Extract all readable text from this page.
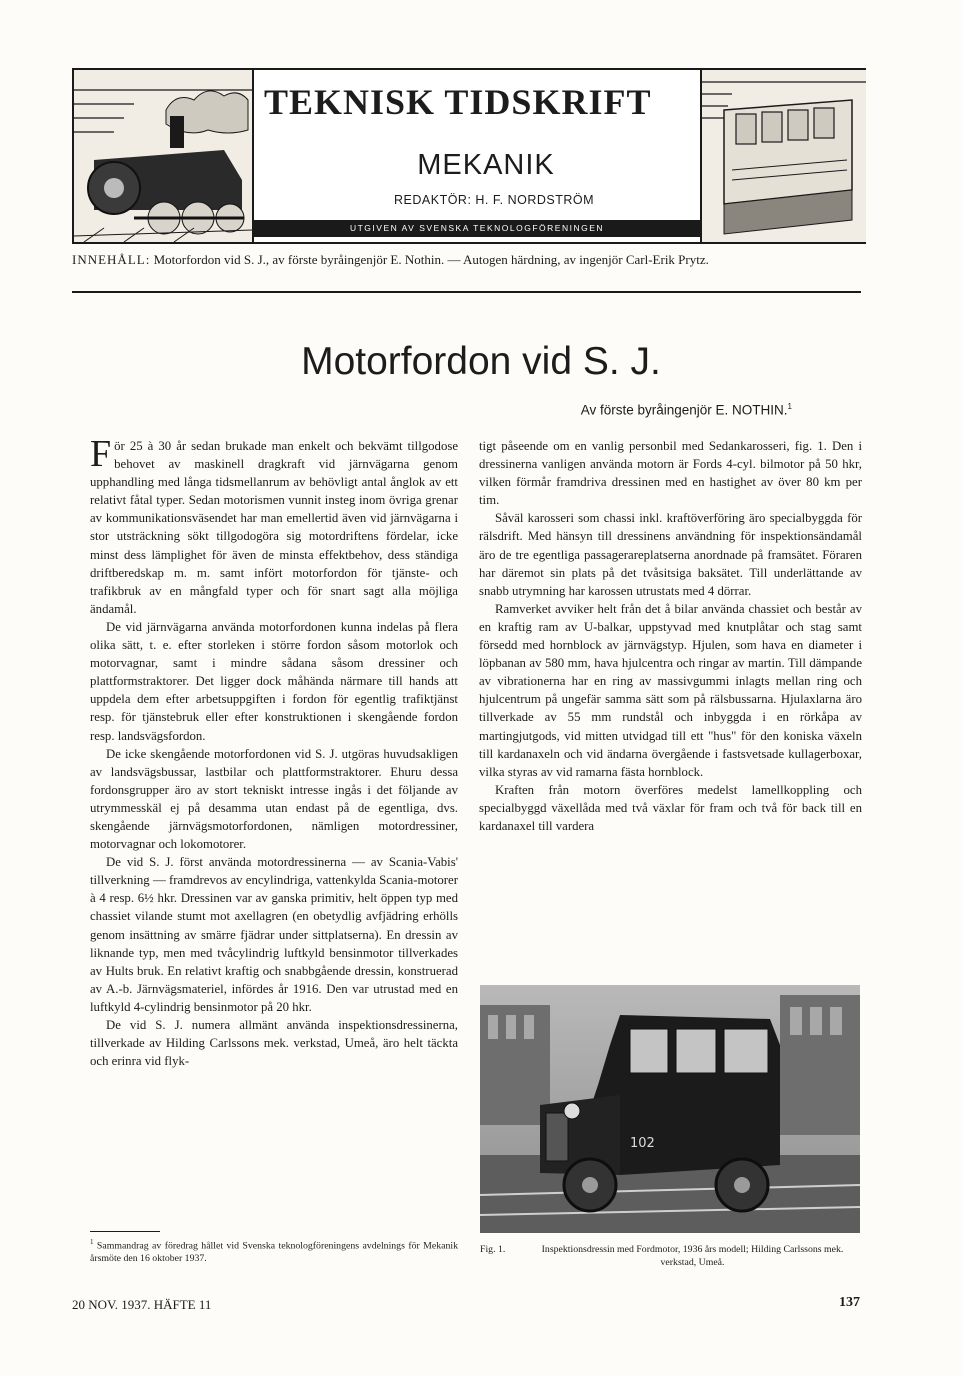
TEKNISK TIDSKRIFT
MEKANIK
REDAKTÖR: H. F. NORDSTRÖM
UTGIVEN AV SVENSKA TEKNOLOGFÖRENINGEN
INNEHÅLL: Motorfordon vid S. J., av förste byråingenjör E. Nothin. — Autogen härdning, av ingenjör Carl-Erik Prytz.
Motorfordon vid S. J.
Av förste byråingenjör E. NOTHIN.$^1$

För 25 à 30 år sedan brukade man enkelt och bekvämt tillgodose behovet av maskinell dragkraft vid järnvägarna genom upphandling med långa tidsmellanrum av behövligt antal ånglok av ett relativt fåtal typer. Sedan motorismen vunnit insteg inom övriga grenar av kommunikationsväsendet har man emellertid även vid järnvägarna i stor utsträckning sökt tillgodogöra sig motordriftens fördelar, icke minst dess lämplighet för även de minsta effektbehov, dess ständiga driftberedskap m. m. samt infört motorfordon för tjänste- och trafikbruk av en mångfald typer och för snart sagt alla möjliga ändamål.

De vid järnvägarna använda motorfordonen kunna indelas på flera olika sätt, t. e. efter storleken i större fordon såsom motorlok och motorvagnar, samt i mindre sådana såsom dressiner och plattformstraktorer. Det ligger dock måhända närmare till hands att uppdela dem efter arbetsuppgiften i fordon för egentlig trafiktjänst resp. för tjänstebruk eller efter konstruktionen i skengående fordon resp. landsvägsfordon.

De icke skengående motorfordonen vid S. J. utgöras huvudsakligen av landsvägsbussar, lastbilar och plattformstraktorer. Ehuru dessa fordonsgrupper äro av stort tekniskt intresse ingås i det följande av utrymmesskäl ej på desamma utan endast på de egentliga, dvs. skengående järnvägsmotorfordonen, nämligen motordressiner, motorvagnar och lokomotorer.

De vid S. J. först använda motordressinerna — av Scania-Vabis' tillverkning — framdrevos av encylindriga, vattenkylda Scania-motorer à 4 resp. 6½ hkr. Dressinen var av ganska primitiv, helt öppen typ med chassiet vilande stumt mot axellagren (en obetydlig avfjädring erhölls genom insättning av smärre fjädrar under sittplatserna). En dressin av liknande typ, men med tvåcylindrig luftkyld bensinmotor tillverkades av Hults bruk. En relativt kraftig och snabbgående dressin, konstruerad av A.-b. Järnvägsmateriel, infördes år 1916. Den var utrustad med en luftkyld 4-cylindrig bensinmotor på 20 hkr.

De vid S. J. numera allmänt använda inspektionsdressinerna, tillverkade av Hilding Carlssons mek. verkstad, Umeå, äro helt täckta och erinra vid flyk-

$^1$ Sammandrag av föredrag hållet vid Svenska teknologföreningens avdelnings för Mekanik årsmöte den 16 oktober 1937.

tigt påseende om en vanlig personbil med Sedankarosseri, fig. 1. Den i dressinerna vanligen använda motorn är Fords 4-cyl. bilmotor på 50 hkr, vilken förmår framdriva dressinen med en hastighet av över 80 km per tim.

Såväl karosseri som chassi inkl. kraftöverföring äro specialbyggda för rälsdrift. Med hänsyn till dressinens användning för inspektionsändamål äro de tre egentliga passagerareplatserna anordnade på framsätet. Föraren har däremot sin plats på det tvåsitsiga baksätet. Till underlättande av snabb utrymning har karossen utrustats med 4 dörrar.

Ramverket avviker helt från det å bilar använda chassiet och består av en kraftig ram av U-balkar, uppstyvad med knutplåtar och stag samt försedd med hornblock av järnvägstyp. Hjulen, som hava en diameter i löpbanan av 580 mm, hava hjulcentra och ringar av martin. Till dämpande av vibrationerna har en ring av massivgummi inlagts mellan ring och hjulcentrum på ungefär samma sätt som på rälsbussarna. Hjulaxlarna äro tillverkade av 55 mm rundstål och inbyggda i en rörkåpa av martingjutgods, vid mitten utvidgad till ett "hus" för den koniska växeln till kardanaxeln och vid ändarna övergående i fastsvetsade kullagerboxar, vilka styras av vid ramarna fästa hornblock.

Kraften från motorn överföres medelst lamellkoppling och specialbyggd växellåda med två växlar för fram och två för back till en kardanaxel till vardera

102
Fig. 1.	Inspektionsdressin med Fordmotor, 1936 års modell; Hilding Carlssons mek. verkstad, Umeå.
20 NOV. 1937. HÄFTE 11	137
